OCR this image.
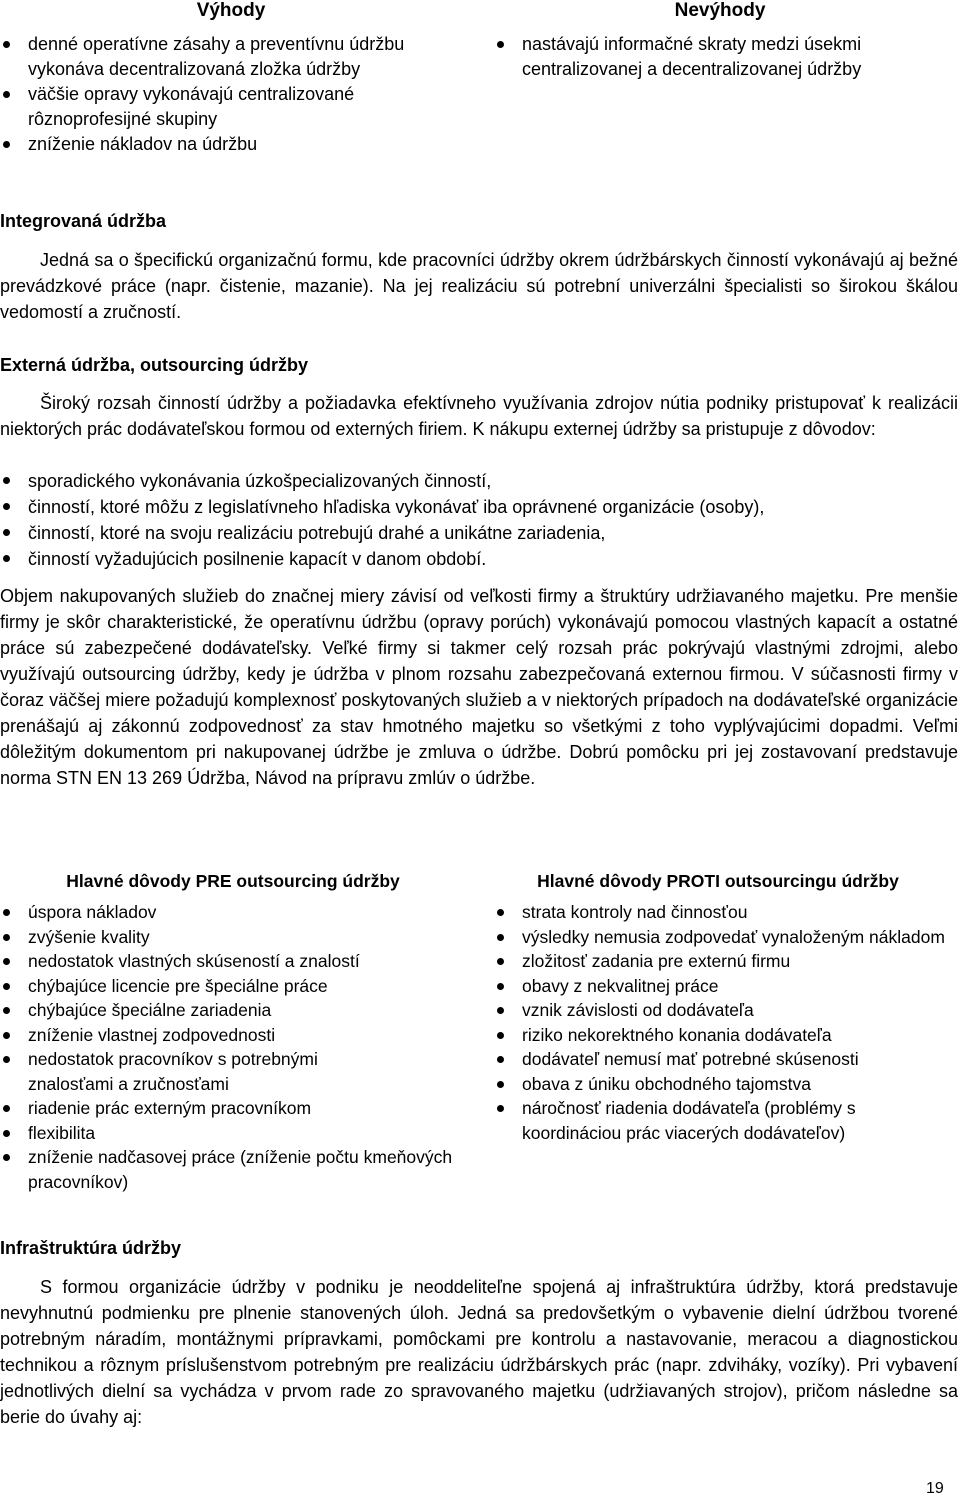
Výhody	Nevýhody
denné operatívne zásahy a preventívnu údržbu vykonáva decentralizovaná zložka údržby
väčšie opravy vykonávajú centralizované rôznoprofesijné skupiny
zníženie nákladov na údržbu
nastávajú informačné skraty medzi úsekmi centralizovanej a decentralizovanej údržby
Integrovaná údržba

Jedná sa o špecifickú organizačnú formu, kde pracovníci údržby okrem údržbárskych činností vykonávajú aj bežné prevádzkové práce (napr. čistenie, mazanie). Na jej realizáciu sú potrební univerzálni špecialisti so širokou škálou vedomostí a zručností.

Externá údržba, outsourcing údržby

Široký rozsah činností údržby a požiadavka efektívneho využívania zdrojov nútia podniky pristupovať k realizácii niektorých prác dodávateľskou formou od externých firiem. K nákupu externej údržby sa pristupuje z dôvodov:

sporadického vykonávania úzkošpecializovaných činností,
činností, ktoré môžu z legislatívneho hľadiska vykonávať iba oprávnené organizácie (osoby),
činností, ktoré na svoju realizáciu potrebujú drahé a unikátne zariadenia,
činností vyžadujúcich posilnenie kapacít v danom období.

Objem nakupovaných služieb do značnej miery závisí od veľkosti firmy a štruktúry udržiavaného majetku. Pre menšie firmy je skôr charakteristické, že operatívnu údržbu (opravy porúch) vykonávajú pomocou vlastných kapacít a ostatné práce sú zabezpečené dodávateľsky. Veľké firmy si takmer celý rozsah prác pokrývajú vlastnými zdrojmi, alebo využívajú outsourcing údržby, kedy je údržba v plnom rozsahu zabezpečovaná externou firmou. V súčasnosti firmy v čoraz väčšej miere požadujú komplexnosť poskytovaných služieb a v niektorých prípadoch na dodávateľské organizácie prenášajú aj zákonnú zodpovednosť za stav hmotného majetku so všetkými z toho vyplývajúcimi dopadmi. Veľmi dôležitým dokumentom pri nakupovanej údržbe je zmluva o údržbe. Dobrú pomôcku pri jej zostavovaní predstavuje norma STN EN 13 269 Údržba, Návod na prípravu zmlúv o údržbe.

Hlavné dôvody PRE outsourcing údržby	Hlavné dôvody PROTI outsourcingu údržby
úspora nákladov
zvýšenie kvality
nedostatok vlastných skúseností a znalostí
chýbajúce licencie pre špeciálne práce
chýbajúce špeciálne zariadenia
zníženie vlastnej zodpovednosti
nedostatok pracovníkov s potrebnými znalosťami a zručnosťami
riadenie prác externým pracovníkom
flexibilita
zníženie nadčasovej práce (zníženie počtu kmeňových pracovníkov)
strata kontroly nad činnosťou
výsledky nemusia zodpovedať vynaloženým nákladom
zložitosť zadania pre externú firmu
obavy z nekvalitnej práce
vznik závislosti od dodávateľa
riziko nekorektného konania dodávateľa
dodávateľ nemusí mať potrebné skúsenosti
obava z úniku obchodného tajomstva
náročnosť riadenia dodávateľa (problémy s koordináciou prác viacerých dodávateľov)
Infraštruktúra údržby

S formou organizácie údržby v podniku je neoddeliteľne spojená aj infraštruktúra údržby, ktorá predstavuje nevyhnutnú podmienku pre plnenie stanovených úloh. Jedná sa predovšetkým o vybavenie dielní údržbou tvorené potrebným náradím, montážnymi prípravkami, pomôckami pre kontrolu a nastavovanie, meracou a diagnostickou technikou a rôznym príslušenstvom potrebným pre realizáciu údržbárskych prác (napr. zdviháky, vozíky). Pri vybavení jednotlivých dielní sa vychádza v prvom rade zo spravovaného majetku (udržiavaných strojov), pričom následne sa berie do úvahy aj:

19
